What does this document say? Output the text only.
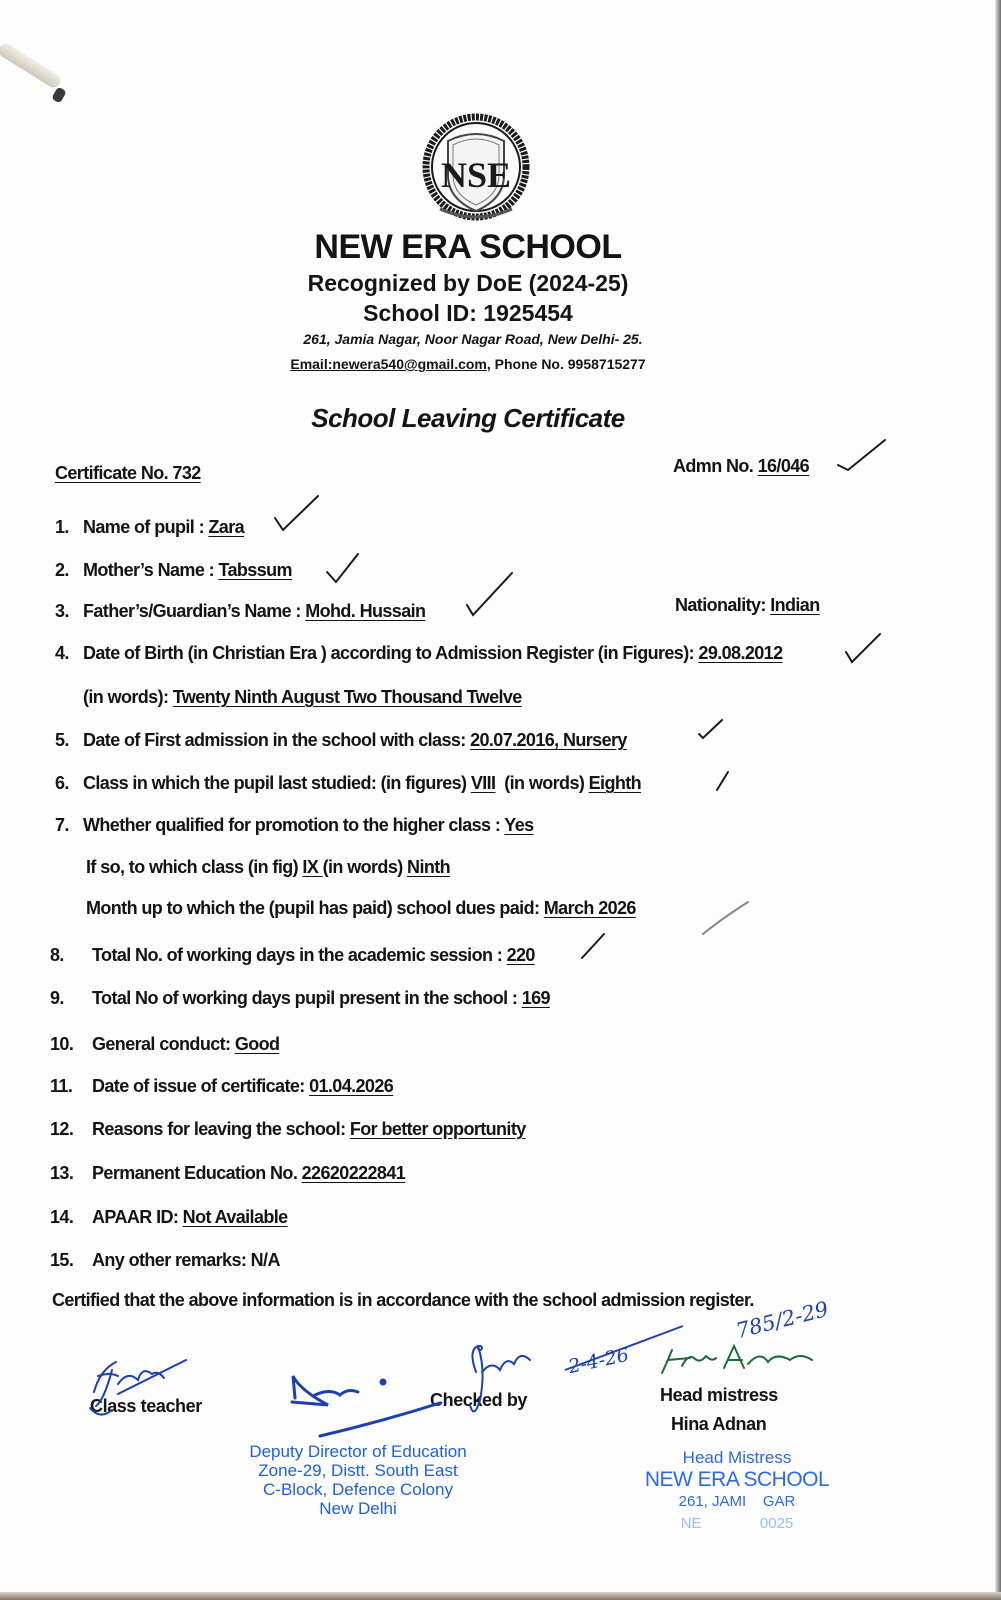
NSE
NEW ERA SCHOOL
Recognized by DoE (2024-25)
School ID: 1925454
261, Jamia Nagar, Noor Nagar Road, New Delhi- 25.
Email:newera540@gmail.com, Phone No. 9958715277
School Leaving Certificate
Certificate No. 732	Admn No. 16/046
1. Name of pupil : Zara
2. Mother’s Name : Tabssum
3. Father’s/Guardian’s Name : Mohd. Hussain	Nationality: Indian
4. Date of Birth (in Christian Era ) according to Admission Register (in Figures): 29.08.2012
(in words): Twenty Ninth August Two Thousand Twelve
5. Date of First admission in the school with class: 20.07.2016, Nursery
6. Class in which the pupil last studied: (in figures) VIII  (in words) Eighth
7. Whether qualified for promotion to the higher class : Yes
If so, to which class (in fig) IX (in words) Ninth
Month up to which the (pupil has paid) school dues paid: March 2026
8. Total No. of working days in the academic session : 220
9. Total No of working days pupil present in the school : 169
10. General conduct: Good
11. Date of issue of certificate: 01.04.2026
12. Reasons for leaving the school: For better opportunity
13. Permanent Education No. 22620222841
14. APAAR ID: Not Available
15. Any other remarks: N/A
Certified that the above information is in accordance with the school admission register.
Class teacher	Checked by	Head mistress
Hina Adnan
Deputy Director of Education
Zone-29, Distt. South East
C-Block, Defence Colony
New Delhi
Head Mistress
NEW ERA SCHOOL
261, JAMI    GAR
NE              0025
785/2-29
2-4-26
